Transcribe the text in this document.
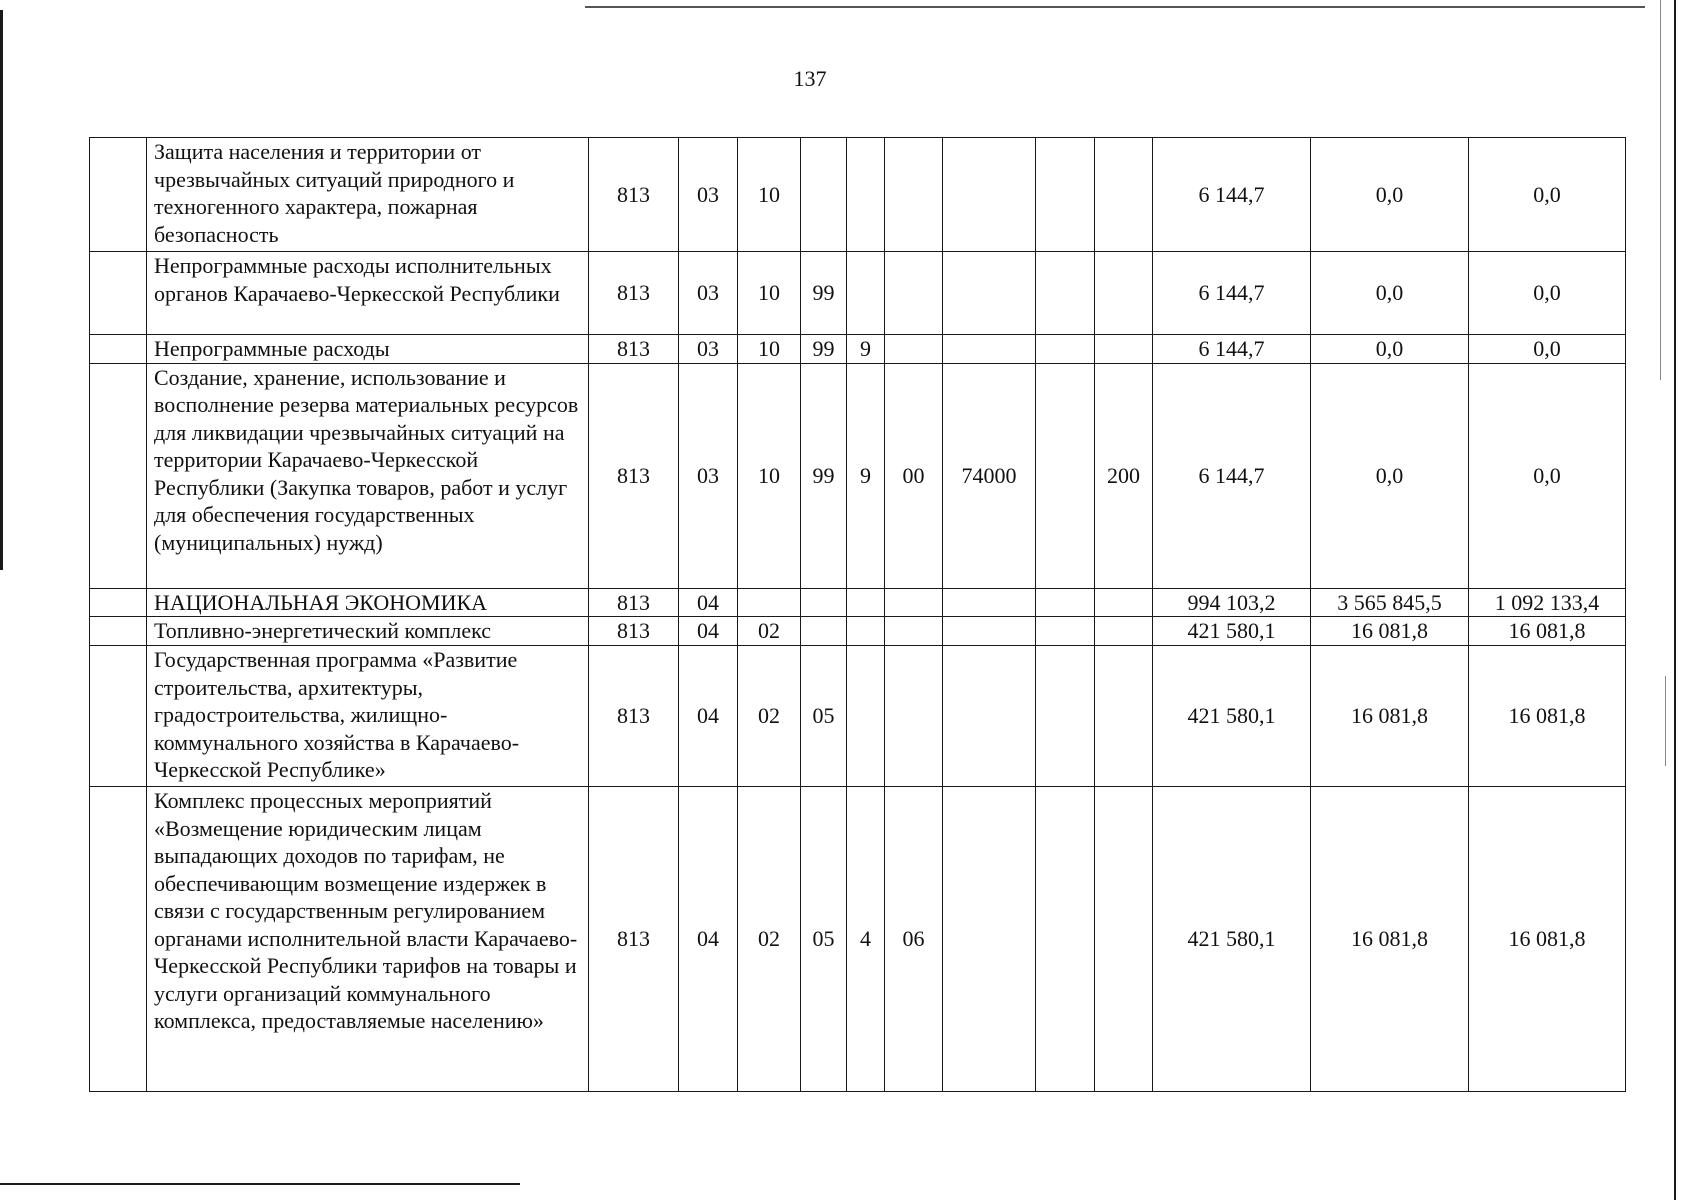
137
	Защита населения и территории от чрезвычайных ситуаций природного и техногенного характера, пожарная безопасность	813	03	10							6 144,7	0,0	0,0
	Непрограммные расходы исполнительных органов Карачаево-Черкесской Республики	813	03	10	99						6 144,7	0,0	0,0
	Непрограммные расходы	813	03	10	99	9					6 144,7	0,0	0,0
	Создание, хранение, использование и восполнение резерва материальных ресурсов для ликвидации чрезвычайных ситуаций на территории Карачаево-Черкесской Республики (Закупка товаров, работ и услуг для обеспечения государственных (муниципальных) нужд)	813	03	10	99	9	00	74000		200	6 144,7	0,0	0,0
	НАЦИОНАЛЬНАЯ ЭКОНОМИКА	813	04								994 103,2	3 565 845,5	1 092 133,4
	Топливно-энергетический комплекс	813	04	02							421 580,1	16 081,8	16 081,8
	Государственная программа «Развитие строительства, архитектуры, градостроительства, жилищно-коммунального хозяйства в Карачаево-Черкесской Республике»	813	04	02	05						421 580,1	16 081,8	16 081,8
	Комплекс процессных мероприятий «Возмещение юридическим лицам выпадающих доходов по тарифам, не обеспечивающим возмещение издержек в связи с государственным регулированием органами исполнительной власти Карачаево-Черкесской Республики тарифов на товары и услуги организаций коммунального комплекса, предоставляемые населению»	813	04	02	05	4	06				421 580,1	16 081,8	16 081,8
